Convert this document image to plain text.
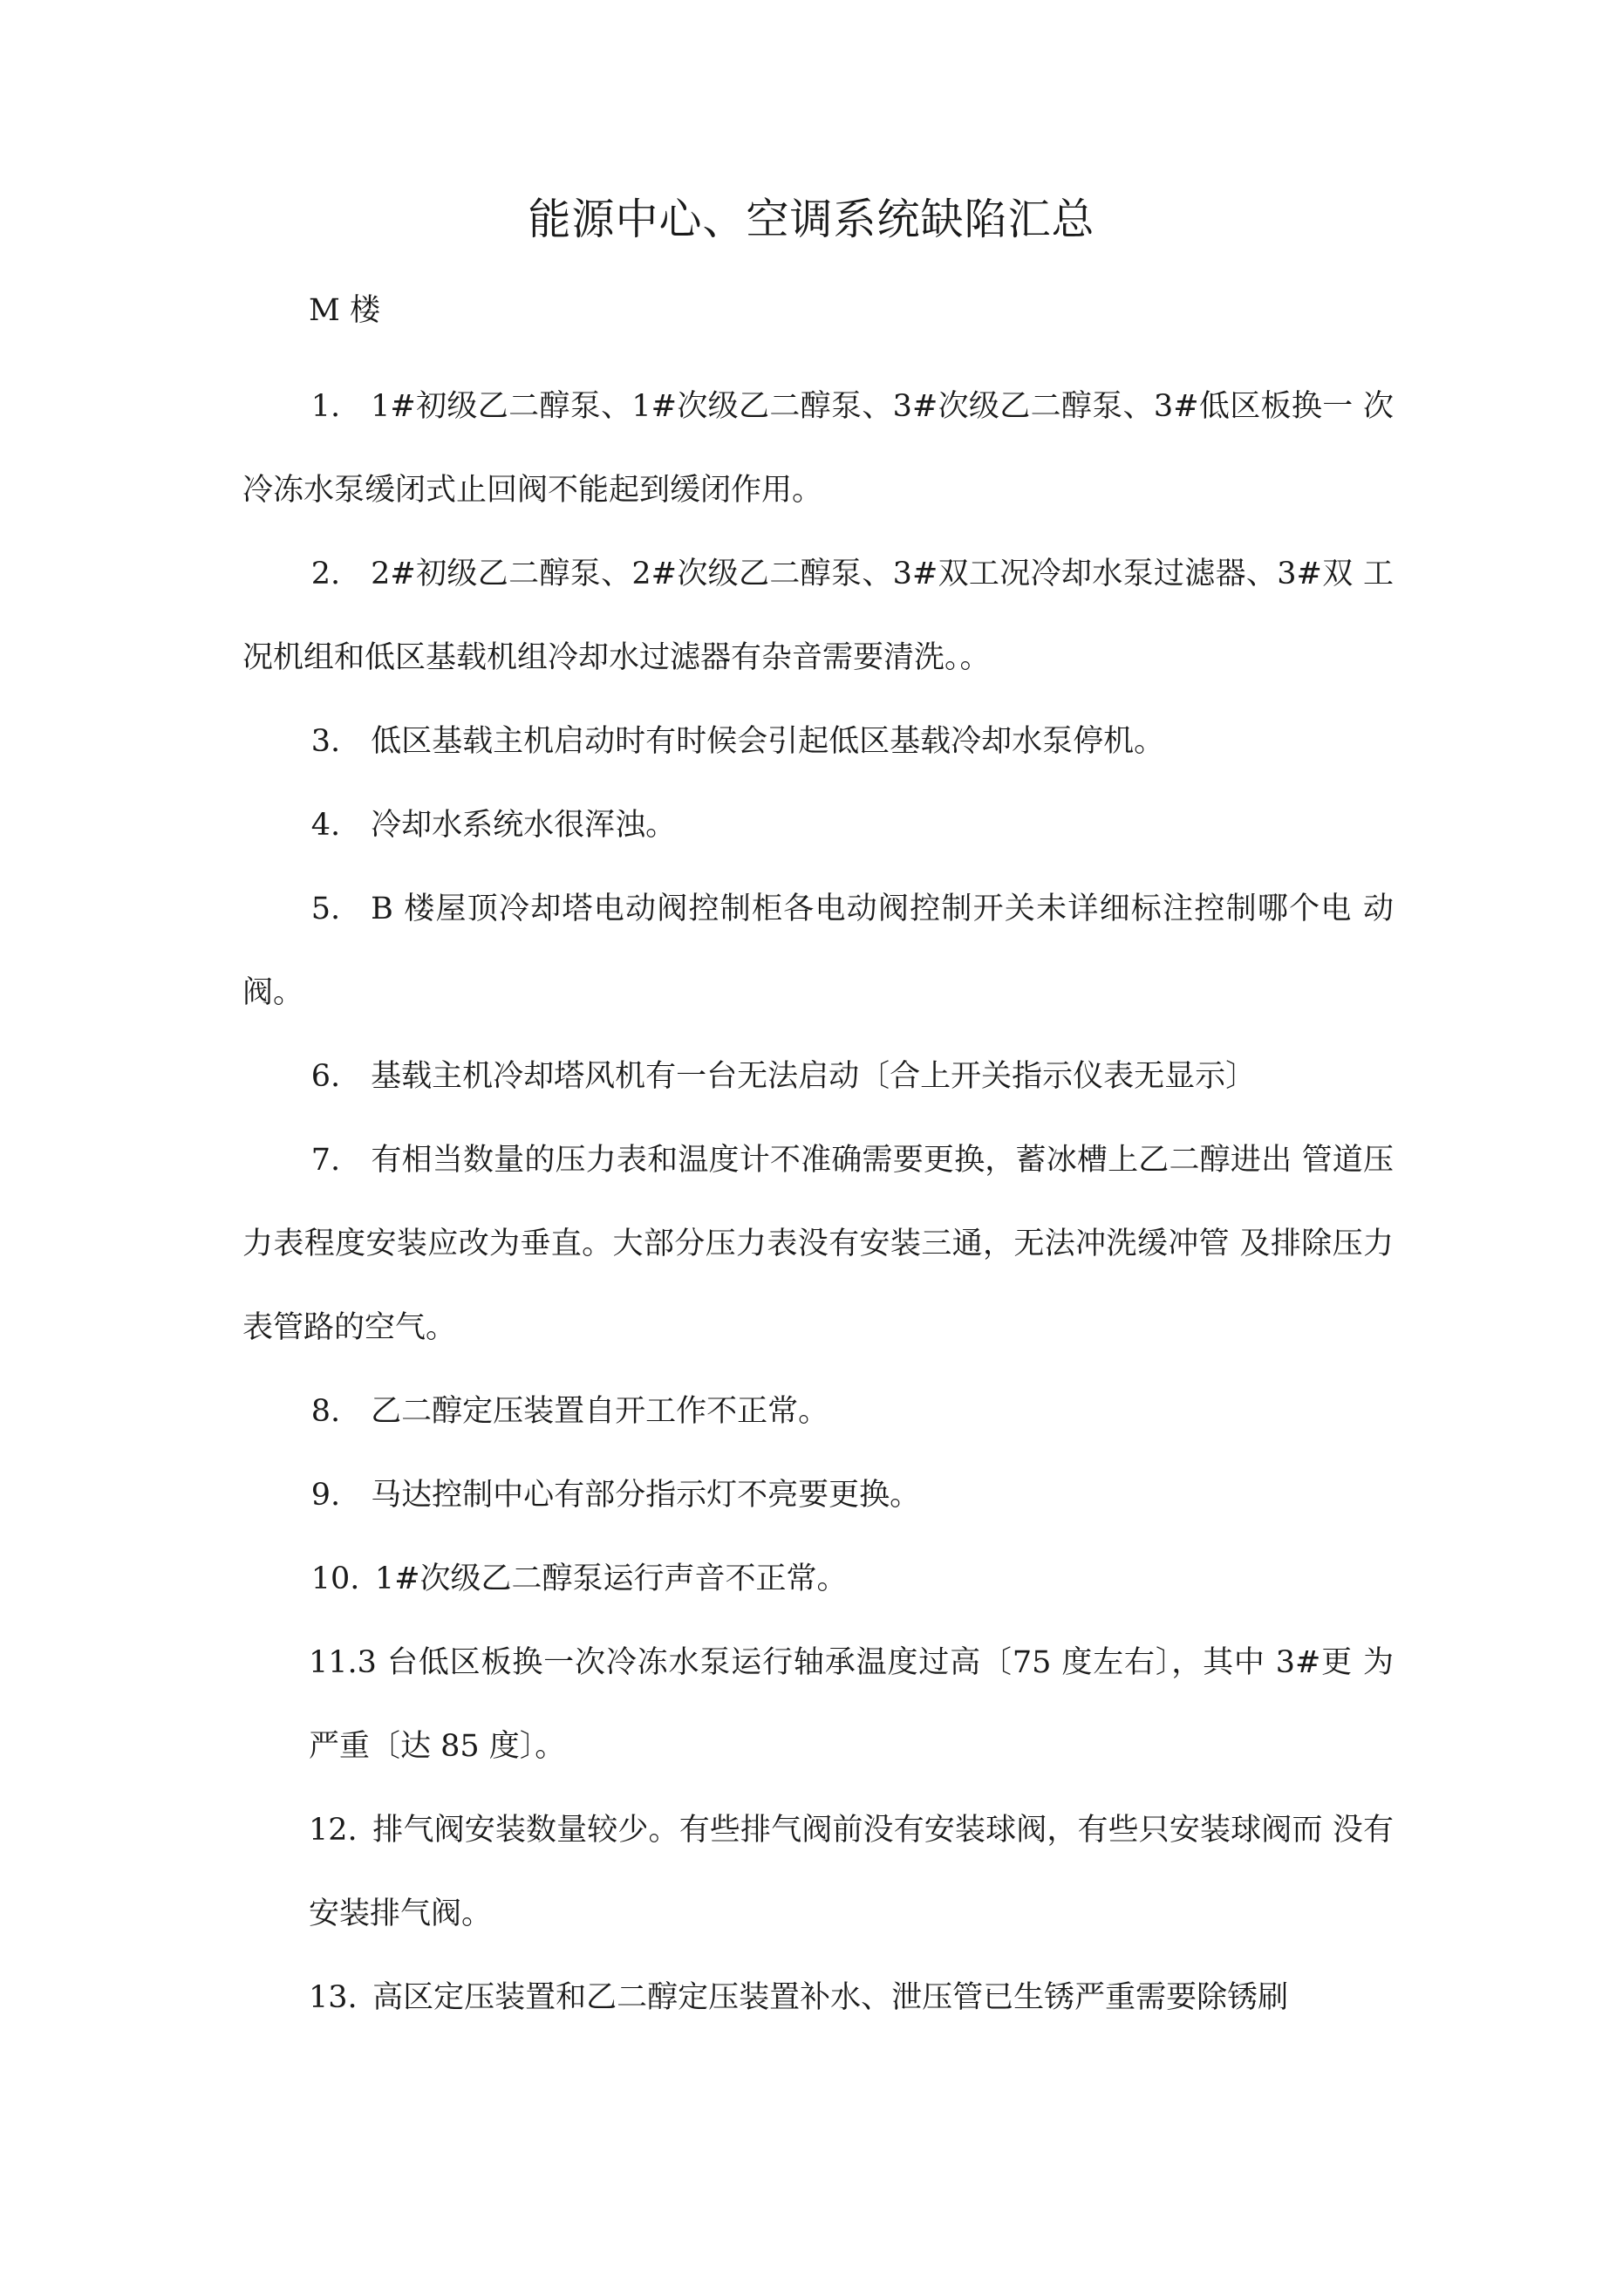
能源中心、空调系统缺陷汇总

M 楼

1.  1#初级乙二醇泵、1#次级乙二醇泵、3#次级乙二醇泵、3#低区板换一 次冷冻水泵缓闭式止回阀不能起到缓闭作用。

2.  2#初级乙二醇泵、2#次级乙二醇泵、3#双工况冷却水泵过滤器、3#双 工况机组和低区基载机组冷却水过滤器有杂音需要清洗。。

3.  低区基载主机启动时有时候会引起低区基载冷却水泵停机。

4.  冷却水系统水很浑浊。

5.  B 楼屋顶冷却塔电动阀控制柜各电动阀控制开关未详细标注控制哪个电 动阀。

6.  基载主机冷却塔风机有一台无法启动〔合上开关指示仪表无显示〕

7.  有相当数量的压力表和温度计不准确需要更换，蓄冰槽上乙二醇进出 管道压力表程度安装应改为垂直。大部分压力表没有安装三通，无法冲洗缓冲管 及排除压力表管路的空气。

8.  乙二醇定压装置自开工作不正常。

9.  马达控制中心有部分指示灯不亮要更换。

10.  1#次级乙二醇泵运行声音不正常。

11.3 台低区板换一次冷冻水泵运行轴承温度过高〔75 度左右〕，其中 3#更 为严重〔达 85 度〕。

12.  排气阀安装数量较少。有些排气阀前没有安装球阀，有些只安装球阀而 没有安装排气阀。

13.  高区定压装置和乙二醇定压装置补水、泄压管已生锈严重需要除锈刷
